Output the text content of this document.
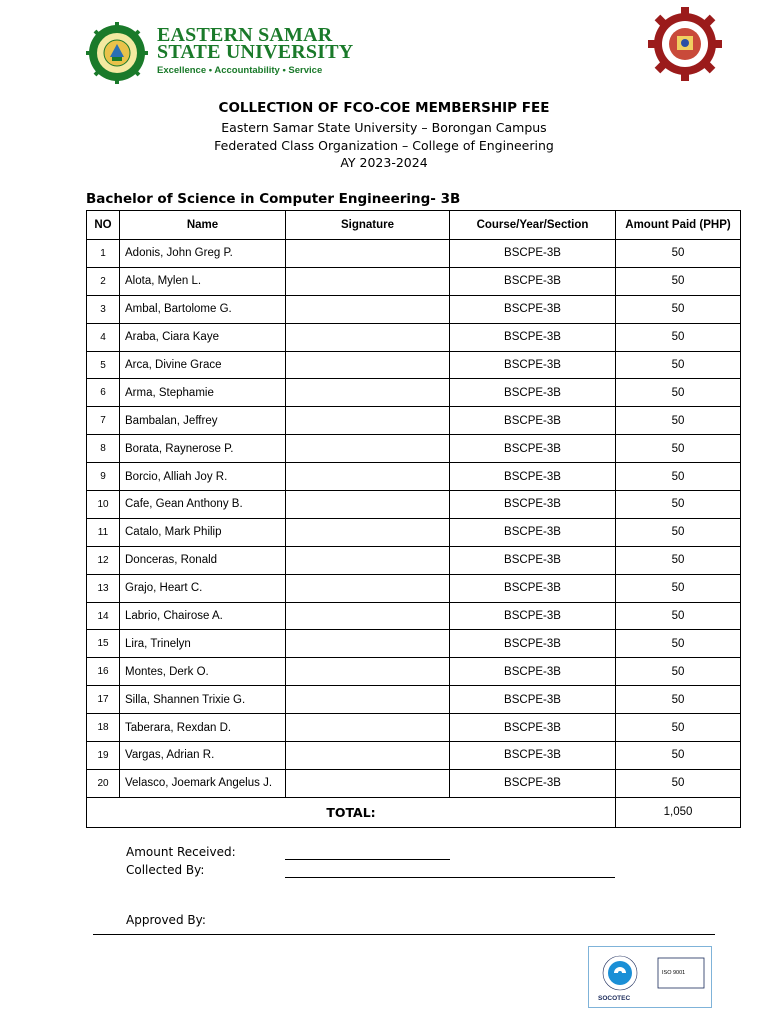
EASTERN SAMAR
STATE UNIVERSITY
Excellence • Accountability • Service
COLLECTION OF FCO-COE MEMBERSHIP FEE
Eastern Samar State University – Borongan Campus
Federated Class Organization – College of Engineering
AY 2023-2024
Bachelor of Science in Computer Engineering- 3B
NO	Name	Signature	Course/Year/Section	Amount Paid (PHP)
1	Adonis, John Greg P.		BSCPE-3B	50
2	Alota, Mylen L.		BSCPE-3B	50
3	Ambal, Bartolome G.		BSCPE-3B	50
4	Araba, Ciara Kaye		BSCPE-3B	50
5	Arca, Divine Grace		BSCPE-3B	50
6	Arma, Stephamie		BSCPE-3B	50
7	Bambalan, Jeffrey		BSCPE-3B	50
8	Borata, Raynerose P.		BSCPE-3B	50
9	Borcio, Alliah Joy R.		BSCPE-3B	50
10	Cafe, Gean Anthony B.		BSCPE-3B	50
11	Catalo, Mark Philip		BSCPE-3B	50
12	Donceras, Ronald		BSCPE-3B	50
13	Grajo, Heart C.		BSCPE-3B	50
14	Labrio, Chairose A.		BSCPE-3B	50
15	Lira, Trinelyn		BSCPE-3B	50
16	Montes, Derk O.		BSCPE-3B	50
17	Silla, Shannen Trixie G.		BSCPE-3B	50
18	Taberara, Rexdan D.		BSCPE-3B	50
19	Vargas, Adrian R.		BSCPE-3B	50
20	Velasco, Joemark Angelus J.		BSCPE-3B	50
TOTAL:				1,050
Amount Received:
Collected By:
Approved By:
ISO 9001
SOCOTEC
